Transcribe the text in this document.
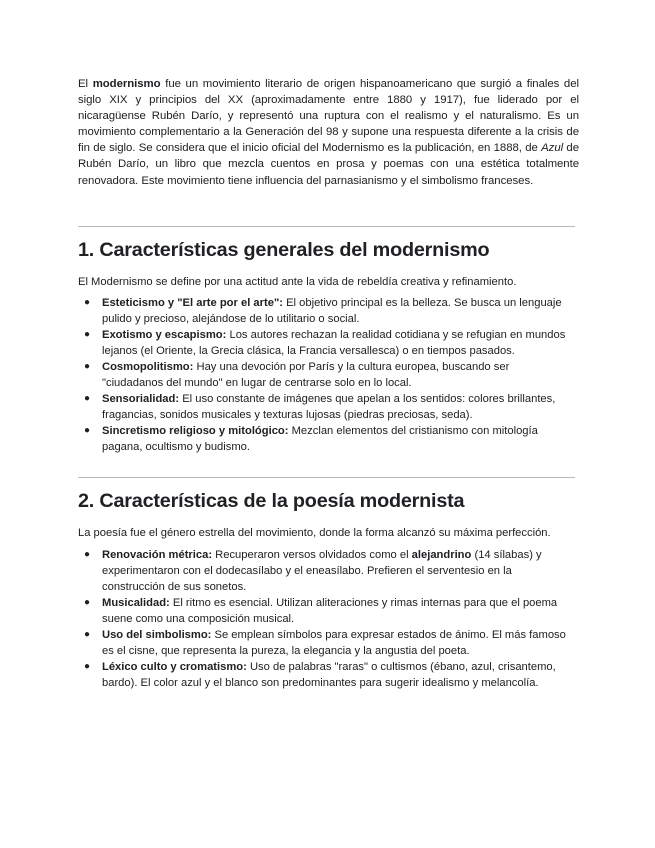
El modernismo fue un movimiento literario de origen hispanoamericano que surgió a finales del siglo XIX y principios del XX (aproximadamente entre 1880 y 1917), fue liderado por el nicaragüense Rubén Darío, y representó una ruptura con el realismo y el naturalismo. Es un movimiento complementario a la Generación del 98 y supone una respuesta diferente a la crisis de fin de siglo. Se considera que el inicio oficial del Modernismo es la publicación, en 1888, de Azul de Rubén Darío, un libro que mezcla cuentos en prosa y poemas con una estética totalmente renovadora. Este movimiento tiene influencia del parnasianismo y el simbolismo franceses.

1. Características generales del modernismo

El Modernismo se define por una actitud ante la vida de rebeldía creativa y refinamiento.

● Esteticismo y "El arte por el arte": El objetivo principal es la belleza. Se busca un lenguaje pulido y precioso, alejándose de lo utilitario o social.
● Exotismo y escapismo: Los autores rechazan la realidad cotidiana y se refugian en mundos lejanos (el Oriente, la Grecia clásica, la Francia versallesca) o en tiempos pasados.
● Cosmopolitismo: Hay una devoción por París y la cultura europea, buscando ser "ciudadanos del mundo" en lugar de centrarse solo en lo local.
● Sensorialidad: El uso constante de imágenes que apelan a los sentidos: colores brillantes, fragancias, sonidos musicales y texturas lujosas (piedras preciosas, seda).
● Sincretismo religioso y mitológico: Mezclan elementos del cristianismo con mitología pagana, ocultismo y budismo.
2. Características de la poesía modernista

La poesía fue el género estrella del movimiento, donde la forma alcanzó su máxima perfección.

● Renovación métrica: Recuperaron versos olvidados como el alejandrino (14 sílabas) y experimentaron con el dodecasílabo y el eneasílabo. Prefieren el serventesio en la construcción de sus sonetos.
● Musicalidad: El ritmo es esencial. Utilizan aliteraciones y rimas internas para que el poema suene como una composición musical.
● Uso del simbolismo: Se emplean símbolos para expresar estados de ánimo. El más famoso es el cisne, que representa la pureza, la elegancia y la angustia del poeta.
● Léxico culto y cromatismo: Uso de palabras "raras" o cultismos (ébano, azul, crisantemo, bardo). El color azul y el blanco son predominantes para sugerir idealismo y melancolía.
